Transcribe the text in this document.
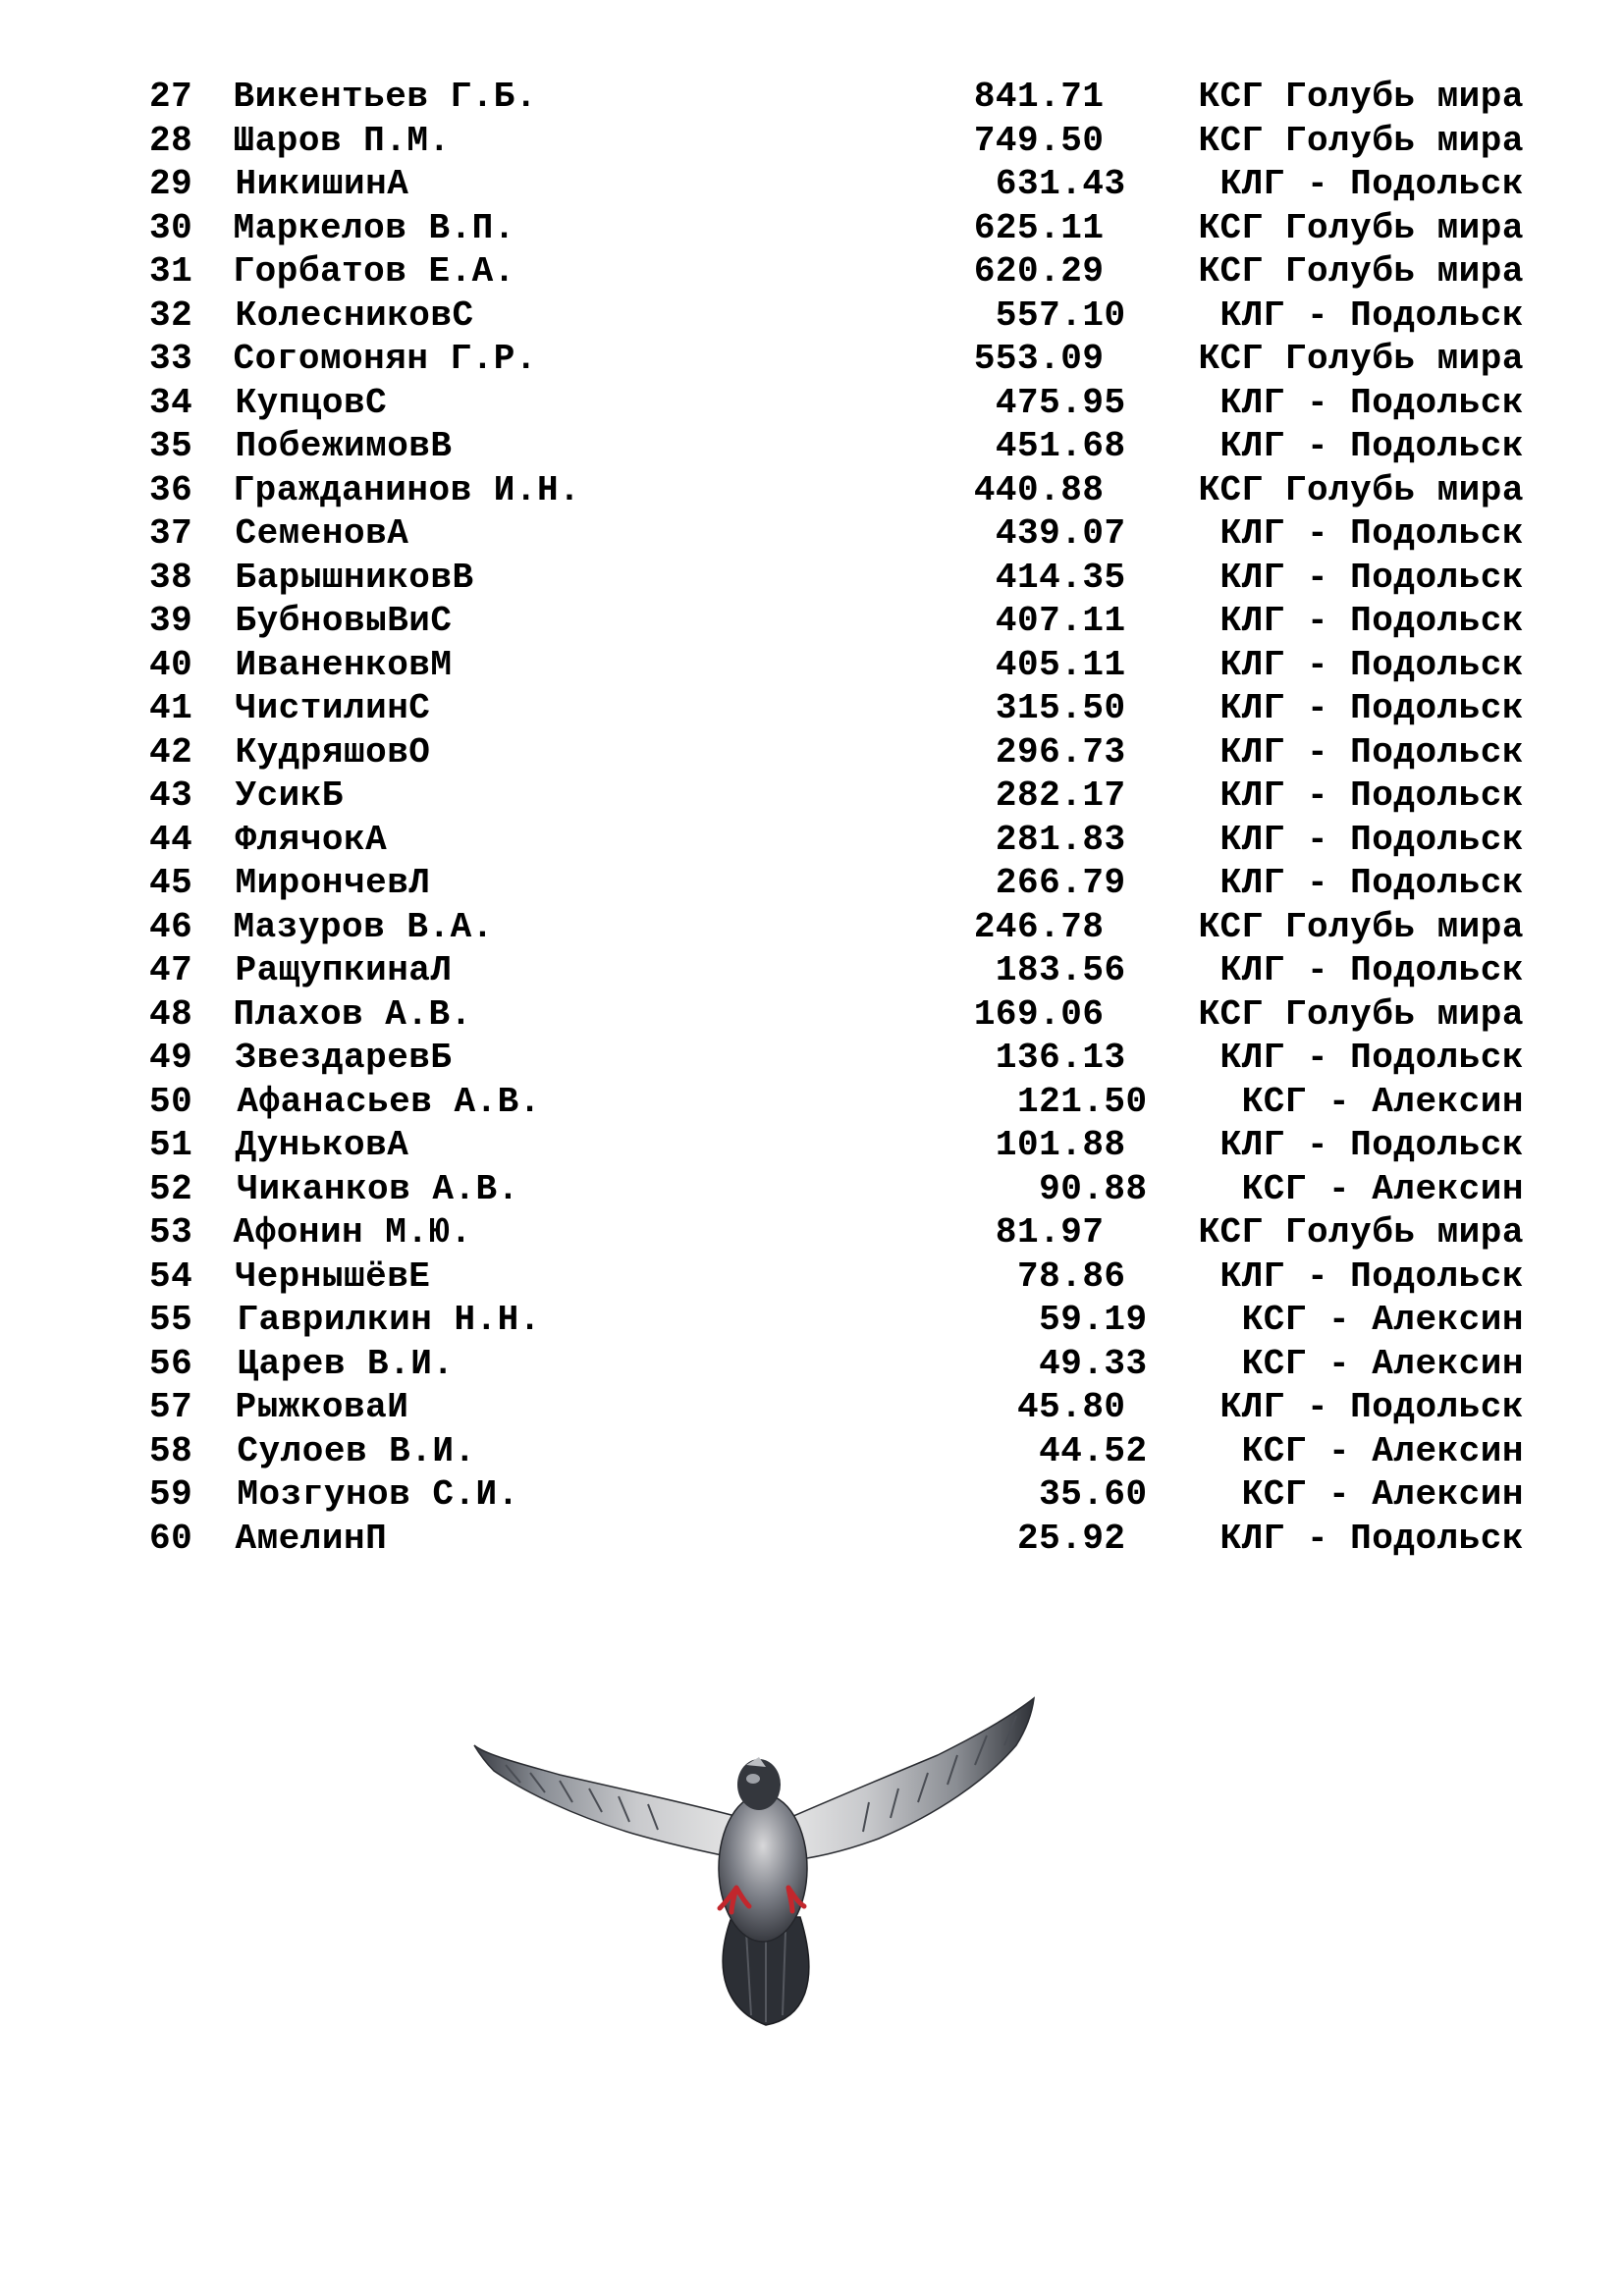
27	Викентьев Г.Б.	841.71	КСГ Голубь мира
28	Шаров П.М.	749.50	КСГ Голубь мира
29	НикишинА	631.43	КЛГ - Подольск
30	Маркелов В.П.	625.11	КСГ Голубь мира
31	Горбатов Е.А.	620.29	КСГ Голубь мира
32	КолесниковС	557.10	КЛГ - Подольск
33	Согомонян Г.Р.	553.09	КСГ Голубь мира
34	КупцовС	475.95	КЛГ - Подольск
35	ПобежимовВ	451.68	КЛГ - Подольск
36	Гражданинов И.Н.	440.88	КСГ Голубь мира
37	СеменовА	439.07	КЛГ - Подольск
38	БарышниковВ	414.35	КЛГ - Подольск
39	БубновыВиС	407.11	КЛГ - Подольск
40	ИваненковМ	405.11	КЛГ - Подольск
41	ЧистилинС	315.50	КЛГ - Подольск
42	КудряшовО	296.73	КЛГ - Подольск
43	УсикБ	282.17	КЛГ - Подольск
44	ФлячокА	281.83	КЛГ - Подольск
45	МирончевЛ	266.79	КЛГ - Подольск
46	Мазуров В.А.	246.78	КСГ Голубь мира
47	РащупкинаЛ	183.56	КЛГ - Подольск
48	Плахов А.В.	169.06	КСГ Голубь мира
49	ЗвездаревБ	136.13	КЛГ - Подольск
50	Афанасьев А.В.	121.50	КСГ - Алексин
51	ДуньковА	101.88	КЛГ - Подольск
52	Чиканков А.В.	90.88	КСГ - Алексин
53	Афонин М.Ю.	81.97	КСГ Голубь мира
54	ЧернышёвЕ	78.86	КЛГ - Подольск
55	Гаврилкин Н.Н.	59.19	КСГ - Алексин
56	Царев В.И.	49.33	КСГ - Алексин
57	РыжковаИ	45.80	КЛГ - Подольск
58	Сулоев В.И.	44.52	КСГ - Алексин
59	Мозгунов С.И.	35.60	КСГ - Алексин
60	АмелинП	25.92	КЛГ - Подольск
